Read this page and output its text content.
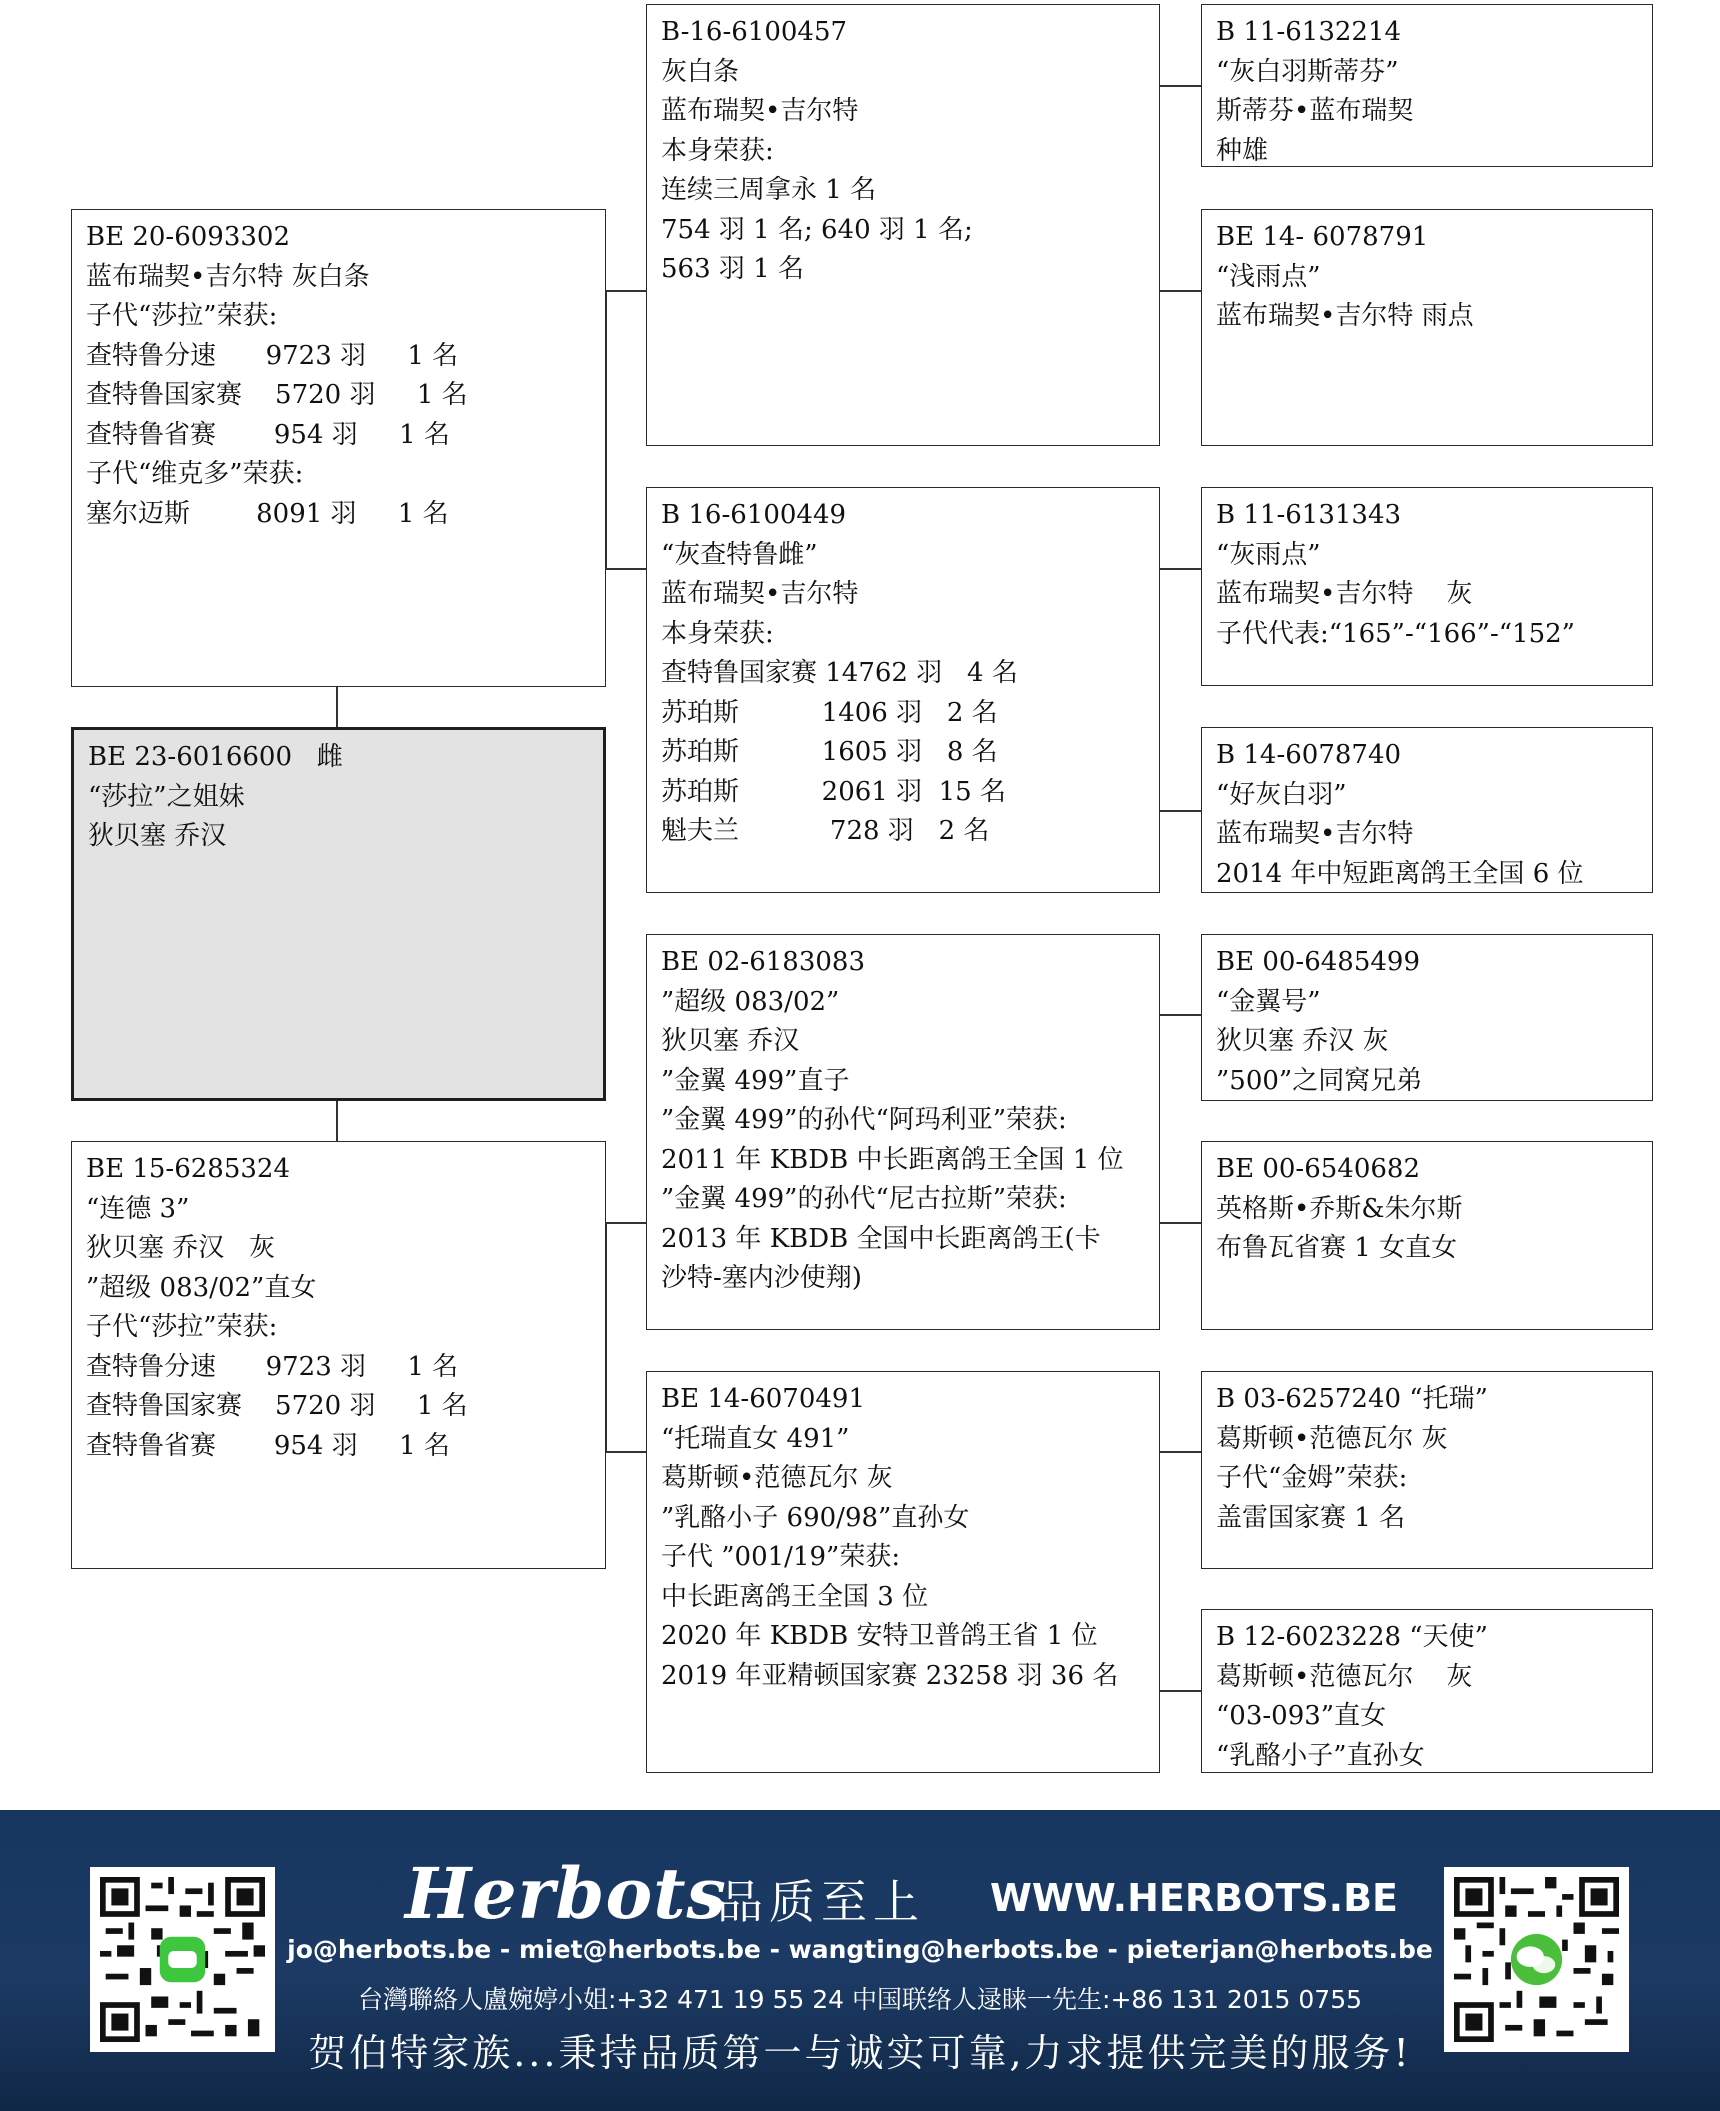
BE 20-6093302
蓝布瑞契•吉尔特 灰白条
子代“莎拉”荣获:
查特鲁分速      9723 羽     1 名
查特鲁国家赛    5720 羽     1 名
查特鲁省赛       954 羽     1 名
子代“维克多”荣获:
塞尔迈斯        8091 羽     1 名
BE 23-6016600   雌
“莎拉”之姐妹
狄贝塞 乔汉
BE 15-6285324
“连德 3”
狄贝塞 乔汉   灰
”超级 083/02”直女
子代“莎拉”荣获:
查特鲁分速      9723 羽     1 名
查特鲁国家赛    5720 羽     1 名
查特鲁省赛       954 羽     1 名
B-16-6100457
灰白条
蓝布瑞契•吉尔特
本身荣获:
连续三周拿永 1 名
754 羽 1 名; 640 羽 1 名;
563 羽 1 名
B 16-6100449
“灰查特鲁雌”
蓝布瑞契•吉尔特
本身荣获:
查特鲁国家赛 14762 羽   4 名
苏珀斯          1406 羽   2 名
苏珀斯          1605 羽   8 名
苏珀斯          2061 羽  15 名
魁夫兰           728 羽   2 名
BE 02-6183083
”超级 083/02”
狄贝塞 乔汉
”金翼 499”直子
”金翼 499”的孙代“阿玛利亚”荣获:
2011 年 KBDB 中长距离鸽王全国 1 位
”金翼 499”的孙代“尼古拉斯”荣获:
2013 年 KBDB 全国中长距离鸽王(卡
沙特-塞内沙使翔)
BE 14-6070491
“托瑞直女 491”
葛斯顿•范德瓦尔 灰
”乳酪小子 690/98”直孙女
子代 ”001/19”荣获:
中长距离鸽王全国 3 位
2020 年 KBDB 安特卫普鸽王省 1 位
2019 年亚精顿国家赛 23258 羽 36 名
B 11-6132214
“灰白羽斯蒂芬”
斯蒂芬•蓝布瑞契
种雄
BE 14- 6078791
“浅雨点”
蓝布瑞契•吉尔特 雨点
B 11-6131343
“灰雨点”
蓝布瑞契•吉尔特    灰
子代代表:“165”-“166”-“152”
B 14-6078740
“好灰白羽”
蓝布瑞契•吉尔特
2014 年中短距离鸽王全国 6 位
BE 00-6485499
“金翼号”
狄贝塞 乔汉 灰
”500”之同窝兄弟
BE 00-6540682
英格斯•乔斯&朱尔斯
布鲁瓦省赛 1 女直女
B 03-6257240 “托瑞”
葛斯顿•范德瓦尔 灰
子代“金姆”荣获:
盖雷国家赛 1 名
B 12-6023228 “天使”
葛斯顿•范德瓦尔    灰
“03-093”直女
“乳酪小子”直孙女
Herbots
品质至上 WWW.HERBOTS.BE
jo@herbots.be - miet@herbots.be - wangting@herbots.be - pieterjan@herbots.be
台灣聯絡人盧婉婷小姐:+32 471 19 55 24 中国联络人逯睐一先生:+86 131 2015 0755
贺伯特家族...秉持品质第一与诚实可靠,力求提供完美的服务!
